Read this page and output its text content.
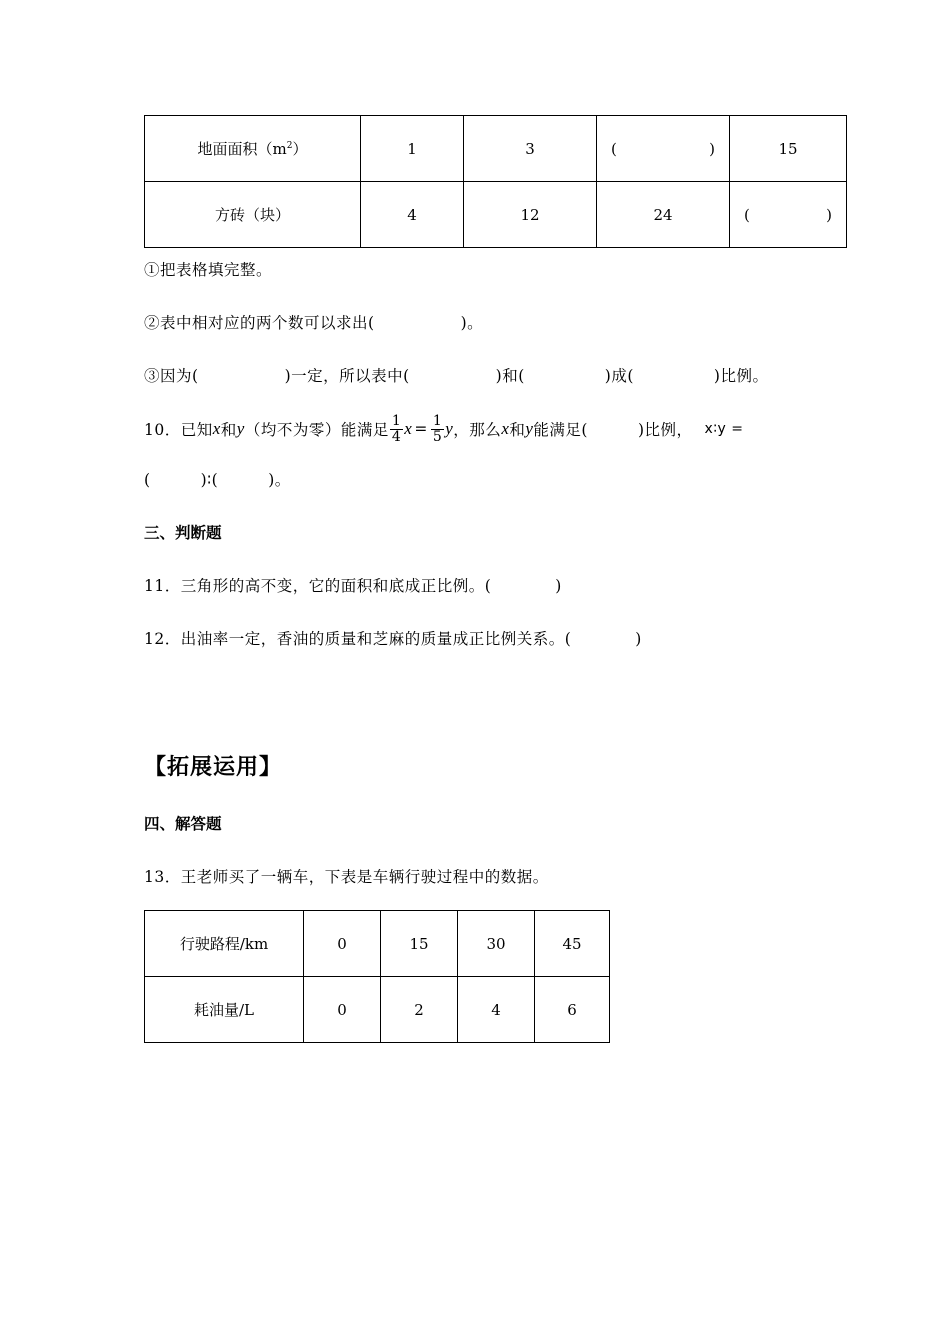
地面面积$(m^2)$	1	3	( )	15
方砖（块）	4	12	24	( )
①把表格填完整。
②表中相对应的两个数可以求出(	)。
③因为(	)一定，所以表中(	)和(	)成(	)比例。
10．已知 x 和 y （均不为零）能满足 $\frac{1}{4}$ $x = \frac{1}{5}$ y ，那么 x 和 y 能满足(	)比例， x∶y =
(	)∶(	)。
三、判断题
11．三角形的高不变，它的面积和底成正比例。(	)
12．出油率一定，香油的质量和芝麻的质量成正比例关系。(	)
【拓展运用】
四、解答题
13．王老师买了一辆车，下表是车辆行驶过程中的数据。
行驶路程/km	0	15	30	45
耗油量/L	0	2	4	6
